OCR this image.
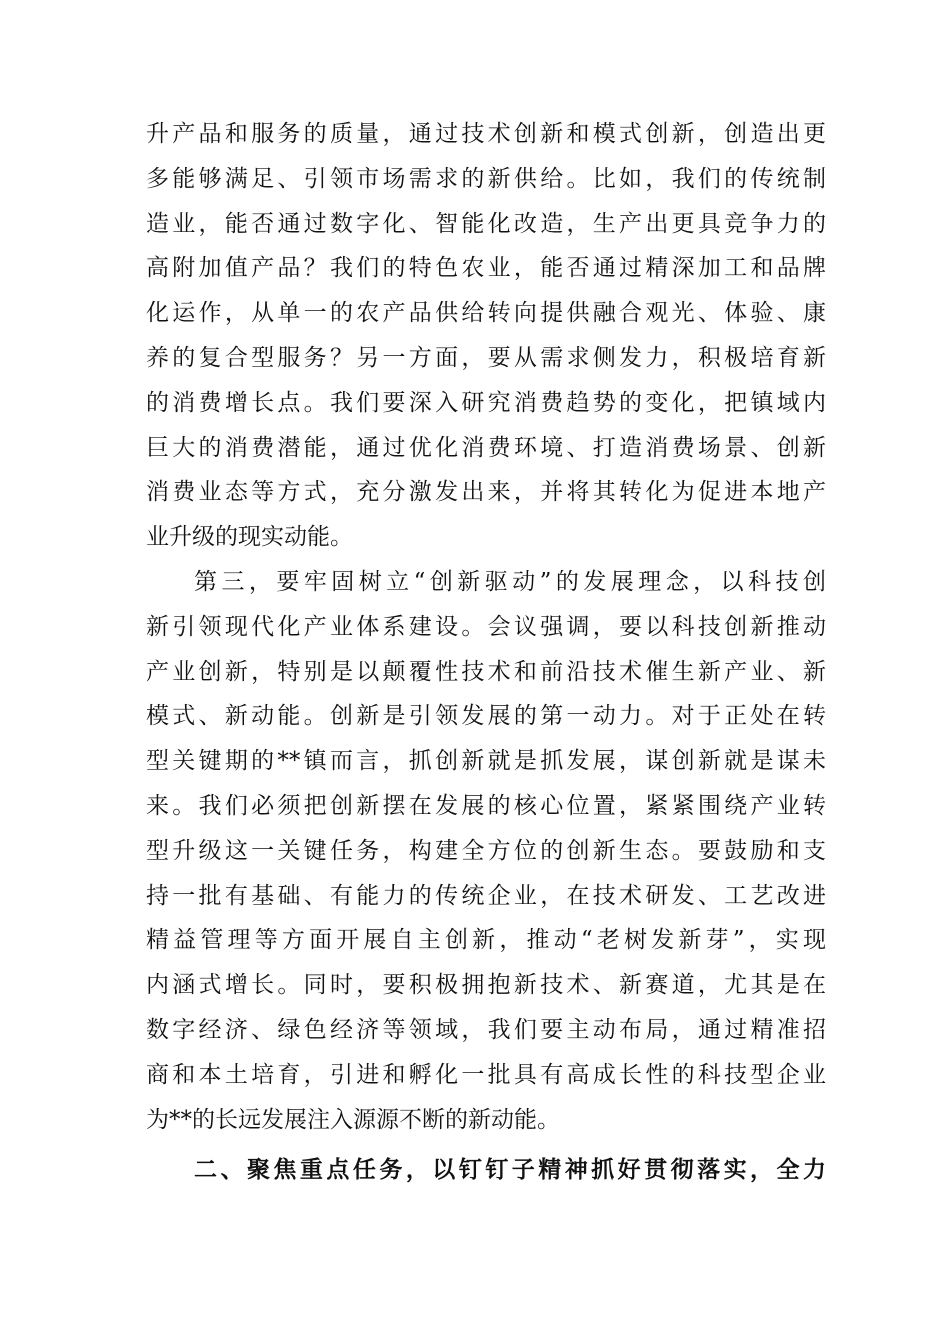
升产品和服务的质量，通过技术创新和模式创新，创造出更
多能够满足、引领市场需求的新供给。比如，我们的传统制
造业，能否通过数字化、智能化改造，生产出更具竞争力的
高附加值产品？我们的特色农业，能否通过精深加工和品牌
化运作，从单一的农产品供给转向提供融合观光、体验、康
养的复合型服务？另一方面，要从需求侧发力，积极培育新
的消费增长点。我们要深入研究消费趋势的变化，把镇域内
巨大的消费潜能，通过优化消费环境、打造消费场景、创新
消费业态等方式，充分激发出来，并将其转化为促进本地产
业升级的现实动能。
第三，要牢固树立“创新驱动”的发展理念，以科技创
新引领现代化产业体系建设。会议强调，要以科技创新推动
产业创新，特别是以颠覆性技术和前沿技术催生新产业、新
模式、新动能。创新是引领发展的第一动力。对于正处在转
型关键期的**镇而言，抓创新就是抓发展，谋创新就是谋未
来。我们必须把创新摆在发展的核心位置，紧紧围绕产业转
型升级这一关键任务，构建全方位的创新生态。要鼓励和支
持一批有基础、有能力的传统企业，在技术研发、工艺改进
精益管理等方面开展自主创新，推动“老树发新芽”，实现
内涵式增长。同时，要积极拥抱新技术、新赛道，尤其是在
数字经济、绿色经济等领域，我们要主动布局，通过精准招
商和本土培育，引进和孵化一批具有高成长性的科技型企业
为**的长远发展注入源源不断的新动能。
二、聚焦重点任务，以钉钉子精神抓好贯彻落实，全力
